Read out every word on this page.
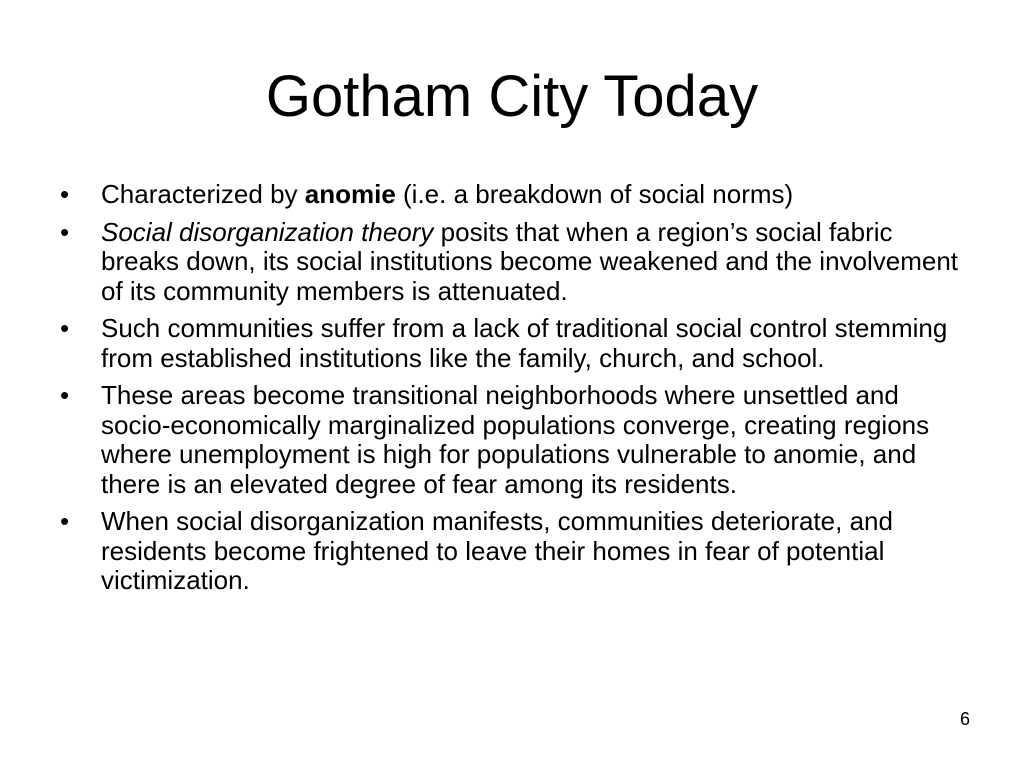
Gotham City Today
•	Characterized by anomie (i.e. a breakdown of social norms)
•	Social disorganization theory posits that when a region’s social fabric breaks down, its social institutions become weakened and the involvement of its community members is attenuated.
•	Such communities suffer from a lack of traditional social control stemming from established institutions like the family, church, and school.
•	These areas become transitional neighborhoods where unsettled and socio-economically marginalized populations converge, creating regions where unemployment is high for populations vulnerable to anomie, and there is an elevated degree of fear among its residents.
•	When social disorganization manifests, communities deteriorate, and residents become frightened to leave their homes in fear of potential victimization.
6
